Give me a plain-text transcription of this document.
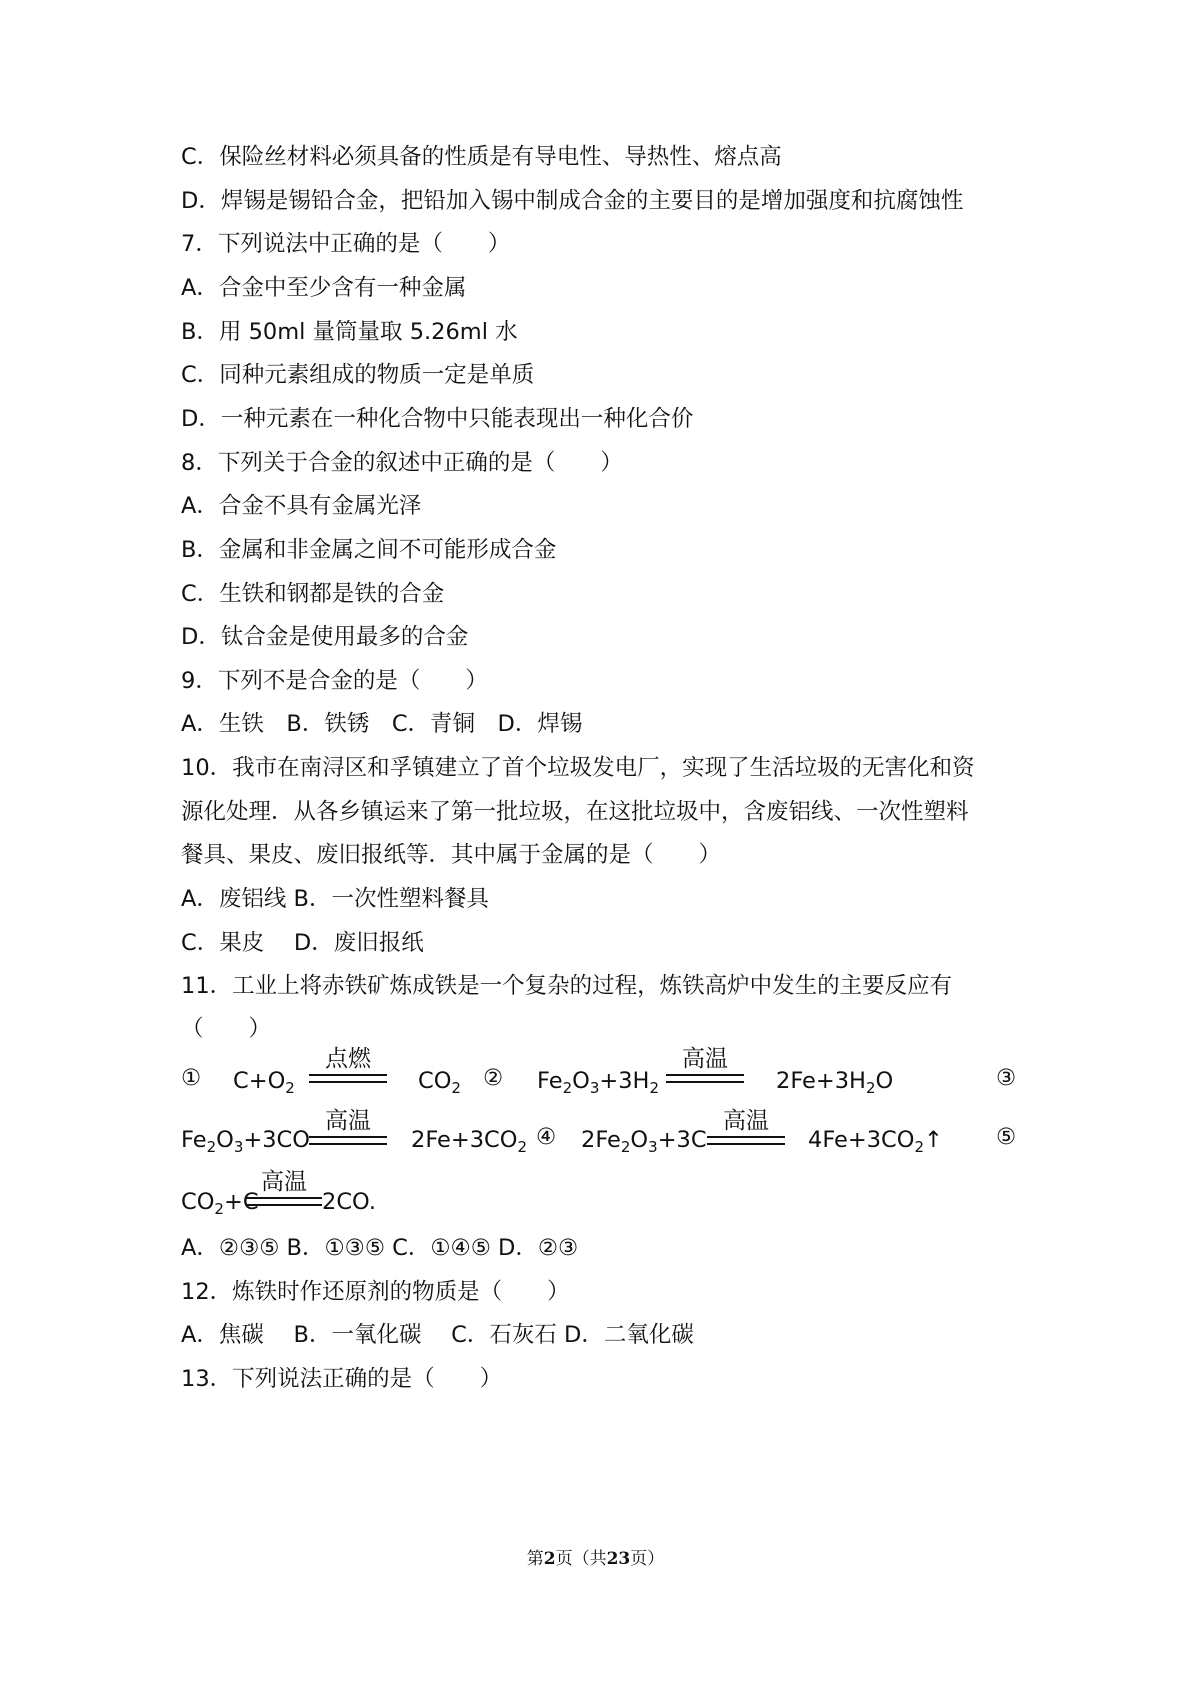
C．保险丝材料必须具备的性质是有导电性、导热性、熔点高
D．焊锡是锡铅合金，把铅加入锡中制成合金的主要目的是增加强度和抗腐蚀性
7．下列说法中正确的是（　　）
A．合金中至少含有一种金属
B．用 50ml 量筒量取 5.26ml 水
C．同种元素组成的物质一定是单质
D．一种元素在一种化合物中只能表现出一种化合价
8．下列关于合金的叙述中正确的是（　　）
A．合金不具有金属光泽
B．金属和非金属之间不可能形成合金
C．生铁和钢都是铁的合金
D．钛合金是使用最多的合金
9．下列不是合金的是（　　）
A．生铁　B．铁锈　C．青铜　D．焊锡
10．我市在南浔区和孚镇建立了首个垃圾发电厂，实现了生活垃圾的无害化和资
源化处理．从各乡镇运来了第一批垃圾，在这批垃圾中，含废铝线、一次性塑料
餐具、果皮、废旧报纸等．其中属于金属的是（　　）
A．废铝线 B．一次性塑料餐具
C．果皮　 D．废旧报纸
11．工业上将赤铁矿炼成铁是一个复杂的过程，炼铁高炉中发生的主要反应有
（　　）
① $C+O_2$
点燃
$CO_2$ ② $Fe_2O_3+3H_2$
高温
$2Fe+3H_2O$	③
$Fe_2O_3+3CO$
高温
$2Fe+3CO_2$ ④ $2Fe_2O_3+3C$
高温
$4Fe+3CO_2↑$ ⑤
$CO_2+C$
高温
2CO.
A．②③⑤ B．①③⑤ C．①④⑤ D．②③
12．炼铁时作还原剂的物质是（　　）
A．焦碳　 B．一氧化碳　 C．石灰石 D．二氧化碳
13．下列说法正确的是（　　）
第2页（共23页）
